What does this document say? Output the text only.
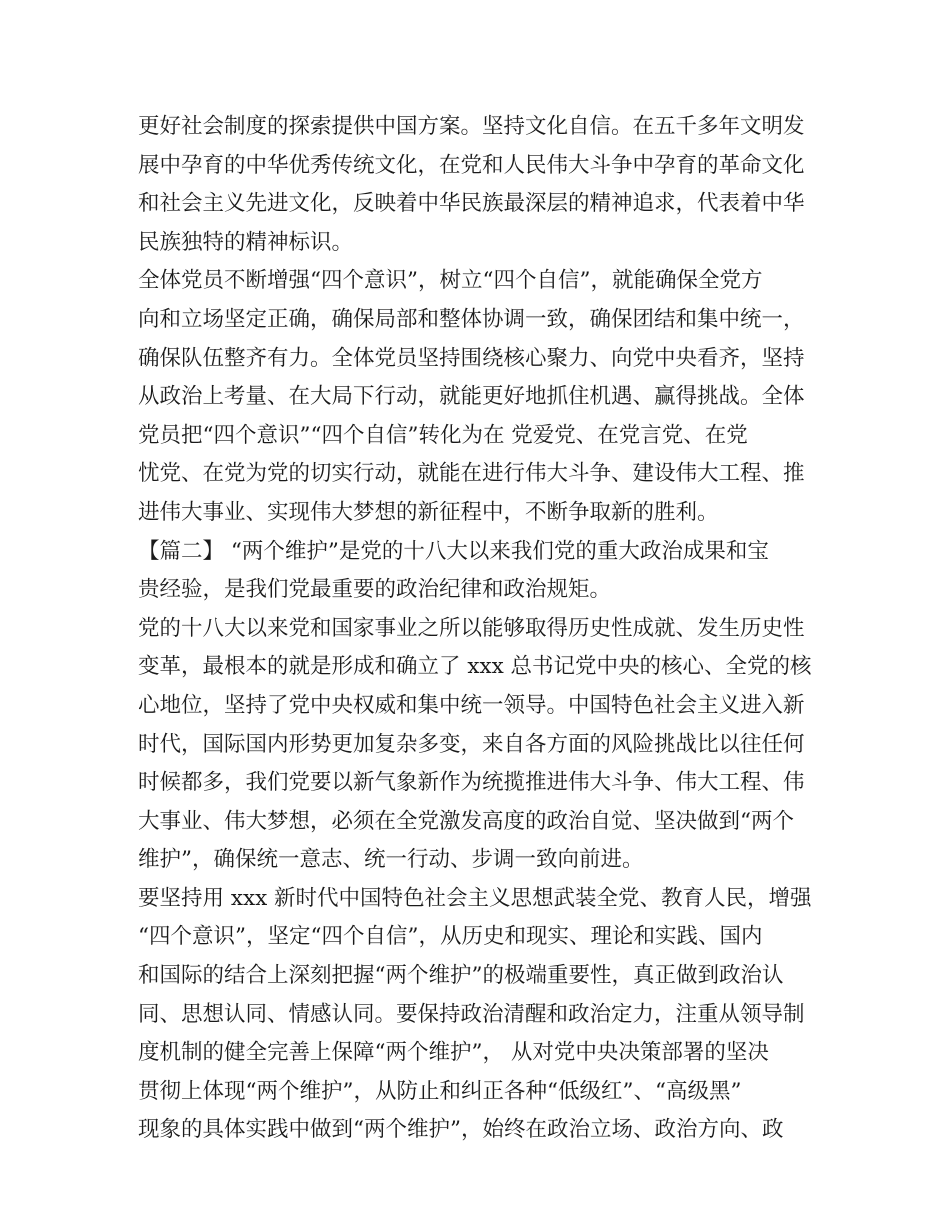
更好社会制度的探索提供中国方案。坚持文化自信。在五千多年文明发
展中孕育的中华优秀传统文化，在党和人民伟大斗争中孕育的革命文化
和社会主义先进文化，反映着中华民族最深层的精神追求，代表着中华
民族独特的精神标识。
全体党员不断增强“四个意识”，树立“四个自信”，就能确保全党方
向和立场坚定正确，确保局部和整体协调一致，确保团结和集中统一，
确保队伍整齐有力。全体党员坚持围绕核心聚力、向党中央看齐，坚持
从政治上考量、在大局下行动，就能更好地抓住机遇、赢得挑战。全体
党员把“四个意识”“四个自信”转化为在 党爱党、在党言党、在党
忧党、在党为党的切实行动，就能在进行伟大斗争、建设伟大工程、推
进伟大事业、实现伟大梦想的新征程中，不断争取新的胜利。
【篇二】 “两个维护”是党的十八大以来我们党的重大政治成果和宝
贵经验，是我们党最重要的政治纪律和政治规矩。
党的十八大以来党和国家事业之所以能够取得历史性成就、发生历史性
变革，最根本的就是形成和确立了 xxx 总书记党中央的核心、全党的核
心地位，坚持了党中央权威和集中统一领导。中国特色社会主义进入新
时代，国际国内形势更加复杂多变，来自各方面的风险挑战比以往任何
时候都多，我们党要以新气象新作为统揽推进伟大斗争、伟大工程、伟
大事业、伟大梦想，必须在全党激发高度的政治自觉、坚决做到“两个
维护”，确保统一意志、统一行动、步调一致向前进。
要坚持用 xxx 新时代中国特色社会主义思想武装全党、教育人民，增强
“四个意识”，坚定“四个自信”，从历史和现实、理论和实践、国内
和国际的结合上深刻把握“两个维护”的极端重要性，真正做到政治认
同、思想认同、情感认同。要保持政治清醒和政治定力，注重从领导制
度机制的健全完善上保障“两个维护”， 从对党中央决策部署的坚决
贯彻上体现“两个维护”，从防止和纠正各种“低级红”、“高级黑”
现象的具体实践中做到“两个维护”，始终在政治立场、政治方向、政
